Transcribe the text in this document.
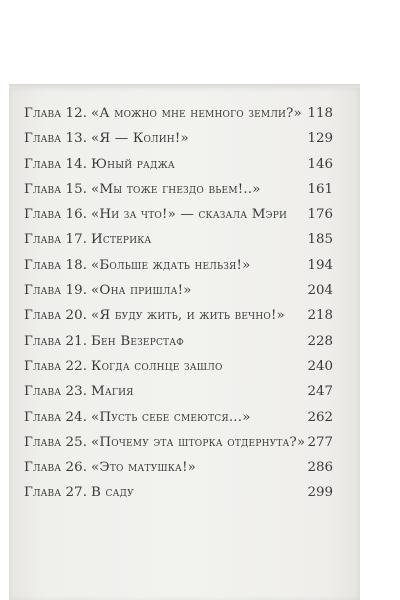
Глава 12. «А можно мне немного земли?» 118
Глава 13. «Я — Колин!»	129
Глава 14. Юный раджа	146
Глава 15. «Мы тоже гнездо вьем!..»	161
Глава 16. «Ни за что!» — сказала Мэри 176
Глава 17. Истерика	185
Глава 18. «Больше ждать нельзя!»	194
Глава 19. «Она пришла!»	204
Глава 20. «Я буду жить, и жить вечно!» 218
Глава 21. Бен Везерстаф	228
Глава 22. Когда солнце зашло	240
Глава 23. Магия	247
Глава 24. «Пусть себе смеются...»	262
Глава 25. «Почему эта шторка отдернута?» 277
Глава 26. «Это матушка!»	286
Глава 27. В саду	299
